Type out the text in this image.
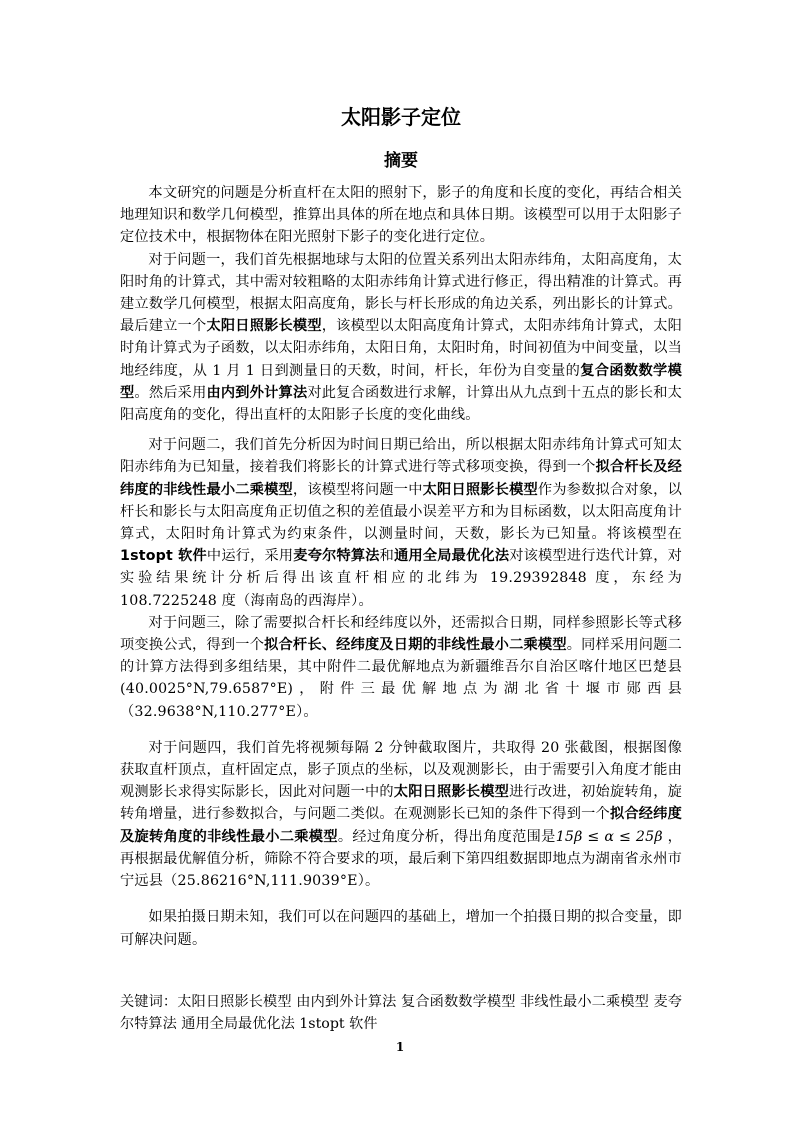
太阳影子定位
摘要

本文研究的问题是分析直杆在太阳的照射下，影子的角度和长度的变化，再结合相关地理知识和数学几何模型，推算出具体的所在地点和具体日期。该模型可以用于太阳影子定位技术中，根据物体在阳光照射下影子的变化进行定位。

对于问题一，我们首先根据地球与太阳的位置关系列出太阳赤纬角，太阳高度角，太阳时角的计算式，其中需对较粗略的太阳赤纬角计算式进行修正，得出精准的计算式。再建立数学几何模型，根据太阳高度角，影长与杆长形成的角边关系，列出影长的计算式。最后建立一个太阳日照影长模型，该模型以太阳高度角计算式，太阳赤纬角计算式，太阳时角计算式为子函数，以太阳赤纬角，太阳日角，太阳时角，时间初值为中间变量，以当地经纬度，从 1 月 1 日到测量日的天数，时间，杆长，年份为自变量的复合函数数学模型。然后采用由内到外计算法对此复合函数进行求解，计算出从九点到十五点的影长和太阳高度角的变化，得出直杆的太阳影子长度的变化曲线。

对于问题二，我们首先分析因为时间日期已给出，所以根据太阳赤纬角计算式可知太阳赤纬角为已知量，接着我们将影长的计算式进行等式移项变换，得到一个拟合杆长及经纬度的非线性最小二乘模型，该模型将问题一中太阳日照影长模型作为参数拟合对象，以杆长和影长与太阳高度角正切值之积的差值最小误差平方和为目标函数，以太阳高度角计算式，太阳时角计算式为约束条件，以测量时间，天数，影长为已知量。将该模型在 1stopt 软件中运行，采用麦夸尔特算法和通用全局最优化法对该模型进行迭代计算，对实验结果统计分析后得出该直杆相应的北纬为 19.29392848 度，东经为 108.7225248 度（海南岛的西海岸）。

对于问题三，除了需要拟合杆长和经纬度以外，还需拟合日期，同样参照影长等式移项变换公式，得到一个拟合杆长、经纬度及日期的非线性最小二乘模型。同样采用问题二的计算方法得到多组结果，其中附件二最优解地点为新疆维吾尔自治区喀什地区巴楚县(40.0025°N,79.6587°E)，附件三最优解地点为湖北省十堰市郧西县（32.9638°N,110.277°E）。

对于问题四，我们首先将视频每隔 2 分钟截取图片，共取得 20 张截图，根据图像获取直杆顶点，直杆固定点，影子顶点的坐标，以及观测影长，由于需要引入角度才能由观测影长求得实际影长，因此对问题一中的太阳日照影长模型进行改进，初始旋转角，旋转角增量，进行参数拟合，与问题二类似。在观测影长已知的条件下得到一个拟合经纬度及旋转角度的非线性最小二乘模型。经过角度分析，得出角度范围是15β ≤ α ≤ 25β ，再根据最优解值分析，筛除不符合要求的项，最后剩下第四组数据即地点为湖南省永州市宁远县（25.86216°N,111.9039°E）。

如果拍摄日期未知，我们可以在问题四的基础上，增加一个拍摄日期的拟合变量，即可解决问题。

关键词：太阳日照影长模型 由内到外计算法 复合函数数学模型 非线性最小二乘模型 麦夸尔特算法 通用全局最优化法 1stopt 软件
1
